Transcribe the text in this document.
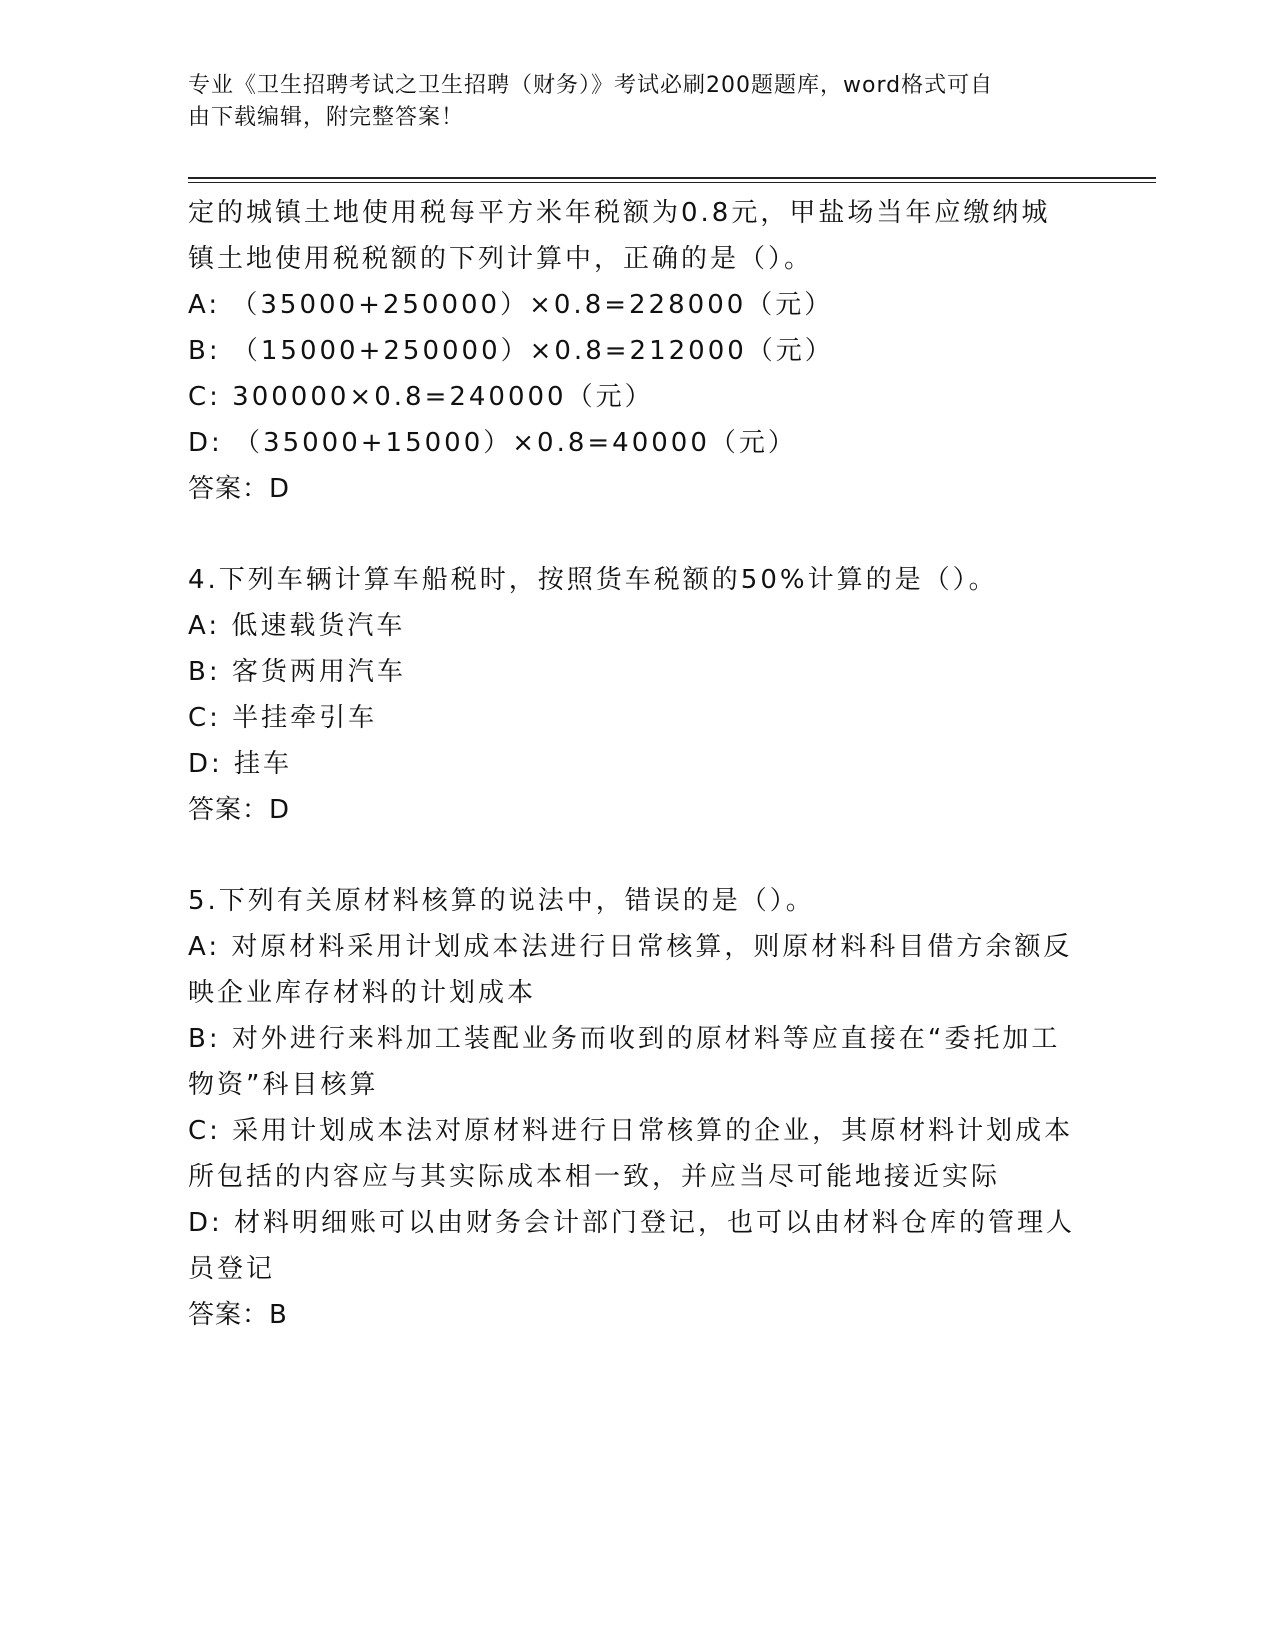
专业《卫生招聘考试之卫生招聘（财务）》考试必刷200题题库，word格式可自
由下载编辑，附完整答案！
定的城镇土地使用税每平方米年税额为0.8元，甲盐场当年应缴纳城
镇土地使用税税额的下列计算中，正确的是（）。
A: （35000+250000）×0.8=228000（元）
B: （15000+250000）×0.8=212000（元）
C: 300000×0.8=240000（元）
D: （35000+15000）×0.8=40000（元）
答案：D
4.下列车辆计算车船税时，按照货车税额的50%计算的是（）。
A: 低速载货汽车
B: 客货两用汽车
C: 半挂牵引车
D: 挂车
答案：D
5.下列有关原材料核算的说法中，错误的是（）。
A: 对原材料采用计划成本法进行日常核算，则原材料科目借方余额反
映企业库存材料的计划成本
B: 对外进行来料加工装配业务而收到的原材料等应直接在“委托加工
物资”科目核算
C: 采用计划成本法对原材料进行日常核算的企业，其原材料计划成本
所包括的内容应与其实际成本相一致，并应当尽可能地接近实际
D: 材料明细账可以由财务会计部门登记，也可以由材料仓库的管理人
员登记
答案：B
